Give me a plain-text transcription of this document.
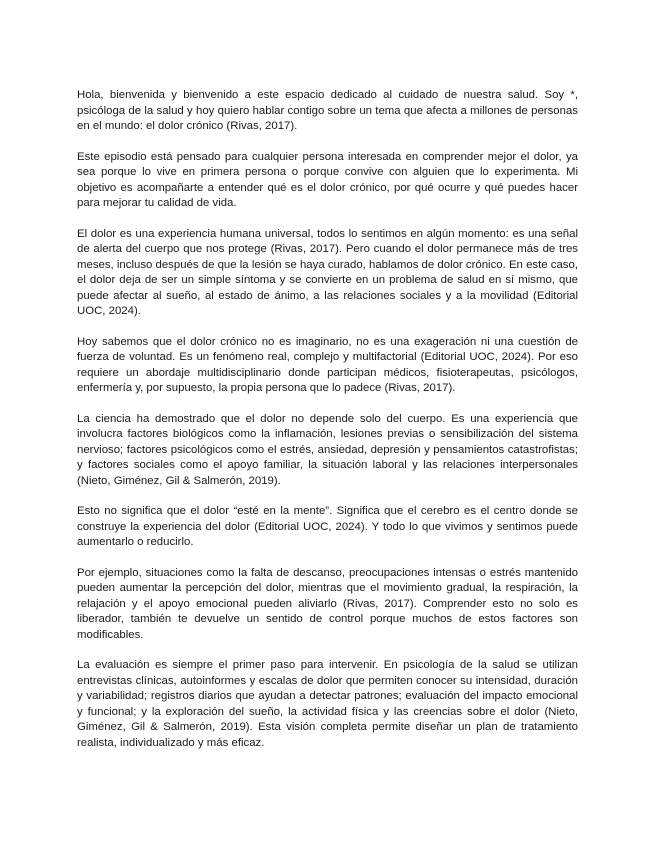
Hola, bienvenida y bienvenido a este espacio dedicado al cuidado de nuestra salud. Soy *, psicóloga de la salud y hoy quiero hablar contigo sobre un tema que afecta a millones de personas en el mundo: el dolor crónico (Rivas, 2017).

Este episodio está pensado para cualquier persona interesada en comprender mejor el dolor, ya sea porque lo vive en primera persona o porque convive con alguien que lo experimenta. Mi objetivo es acompañarte a entender qué es el dolor crónico, por qué ocurre y qué puedes hacer para mejorar tu calidad de vida.

El dolor es una experiencia humana universal, todos lo sentimos en algún momento: es una señal de alerta del cuerpo que nos protege (Rivas, 2017). Pero cuando el dolor permanece más de tres meses, incluso después de que la lesión se haya curado, hablamos de dolor crónico. En este caso, el dolor deja de ser un simple síntoma y se convierte en un problema de salud en sí mismo, que puede afectar al sueño, al estado de ánimo, a las relaciones sociales y a la movilidad (Editorial UOC, 2024).

Hoy sabemos que el dolor crónico no es imaginario, no es una exageración ni una cuestión de fuerza de voluntad. Es un fenómeno real, complejo y multifactorial (Editorial UOC, 2024). Por eso requiere un abordaje multidisciplinario donde participan médicos, fisioterapeutas, psicólogos, enfermería y, por supuesto, la propia persona que lo padece (Rivas, 2017).

La ciencia ha demostrado que el dolor no depende solo del cuerpo. Es una experiencia que involucra factores biológicos como la inflamación, lesiones previas o sensibilización del sistema nervioso; factores psicológicos como el estrés, ansiedad, depresión y pensamientos catastrofistas; y factores sociales como el apoyo familiar, la situación laboral y las relaciones interpersonales (Nieto, Giménez, Gil & Salmerón, 2019).

Esto no significa que el dolor “esté en la mente”. Significa que el cerebro es el centro donde se construye la experiencia del dolor (Editorial UOC, 2024). Y todo lo que vivimos y sentimos puede aumentarlo o reducirlo.

Por ejemplo, situaciones como la falta de descanso, preocupaciones intensas o estrés mantenido pueden aumentar la percepción del dolor, mientras que el movimiento gradual, la respiración, la relajación y el apoyo emocional pueden aliviarlo (Rivas, 2017). Comprender esto no solo es liberador, también te devuelve un sentido de control porque muchos de estos factores son modificables.

La evaluación es siempre el primer paso para intervenir. En psicología de la salud se utilizan entrevistas clínicas, autoinformes y escalas de dolor que permiten conocer su intensidad, duración y variabilidad; registros diarios que ayudan a detectar patrones; evaluación del impacto emocional y funcional; y la exploración del sueño, la actividad física y las creencias sobre el dolor (Nieto, Giménez, Gil & Salmerón, 2019). Esta visión completa permite diseñar un plan de tratamiento realista, individualizado y más eficaz.
